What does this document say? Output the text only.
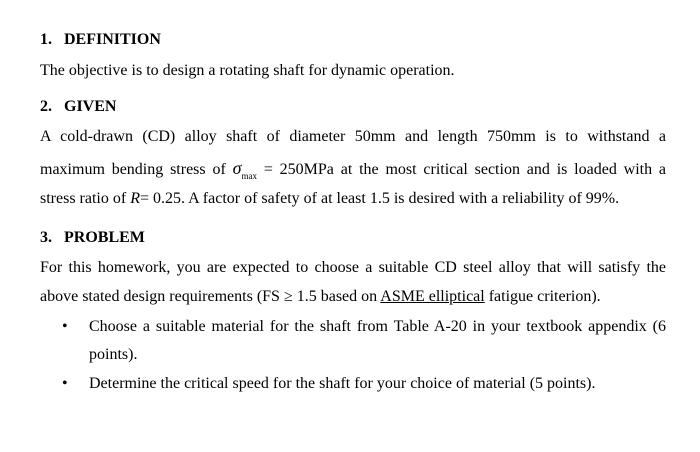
1. DEFINITION
The objective is to design a rotating shaft for dynamic operation.
2. GIVEN
A cold-drawn (CD) alloy shaft of diameter 50mm and length 750mm is to withstand a
maximum bending stress of $\sigma_{max} = 250MPa$ at the most critical section and is loaded with a
stress ratio of R= 0.25. A factor of safety of at least 1.5 is desired with a reliability of 99%.
3. PROBLEM
For this homework, you are expected to choose a suitable CD steel alloy that will satisfy the
above stated design requirements (FS ≥ 1.5 based on ASME elliptical fatigue criterion).
• Choose a suitable material for the shaft from Table A-20 in your textbook appendix (6
points).
• Determine the critical speed for the shaft for your choice of material (5 points).
